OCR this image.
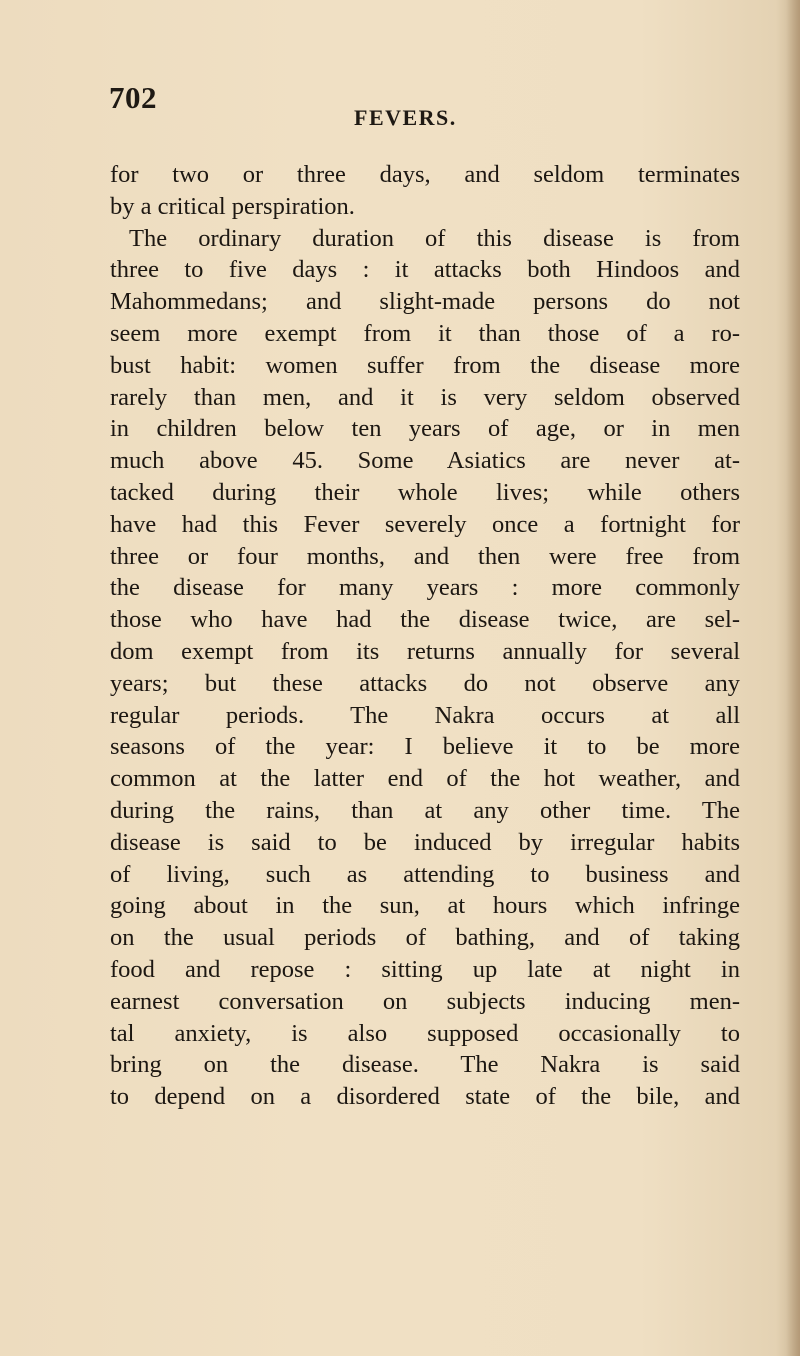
702
FEVERS.
for two or three days, and seldom terminates
by a critical perspiration.
The ordinary duration of this disease is from
three to five days : it attacks both Hindoos and
Mahommedans; and slight-made persons do not
seem more exempt from it than those of a ro-
bust habit: women suffer from the disease more
rarely than men, and it is very seldom observed
in children below ten years of age, or in men
much above 45. Some Asiatics are never at-
tacked during their whole lives; while others
have had this Fever severely once a fortnight for
three or four months, and then were free from
the disease for many years : more commonly
those who have had the disease twice, are sel-
dom exempt from its returns annually for several
years; but these attacks do not observe any
regular periods. The Nakra occurs at all
seasons of the year: I believe it to be more
common at the latter end of the hot weather, and
during the rains, than at any other time. The
disease is said to be induced by irregular habits
of living, such as attending to business and
going about in the sun, at hours which infringe
on the usual periods of bathing, and of taking
food and repose : sitting up late at night in
earnest conversation on subjects inducing men-
tal anxiety, is also supposed occasionally to
bring on the disease. The Nakra is said
to depend on a disordered state of the bile, and
